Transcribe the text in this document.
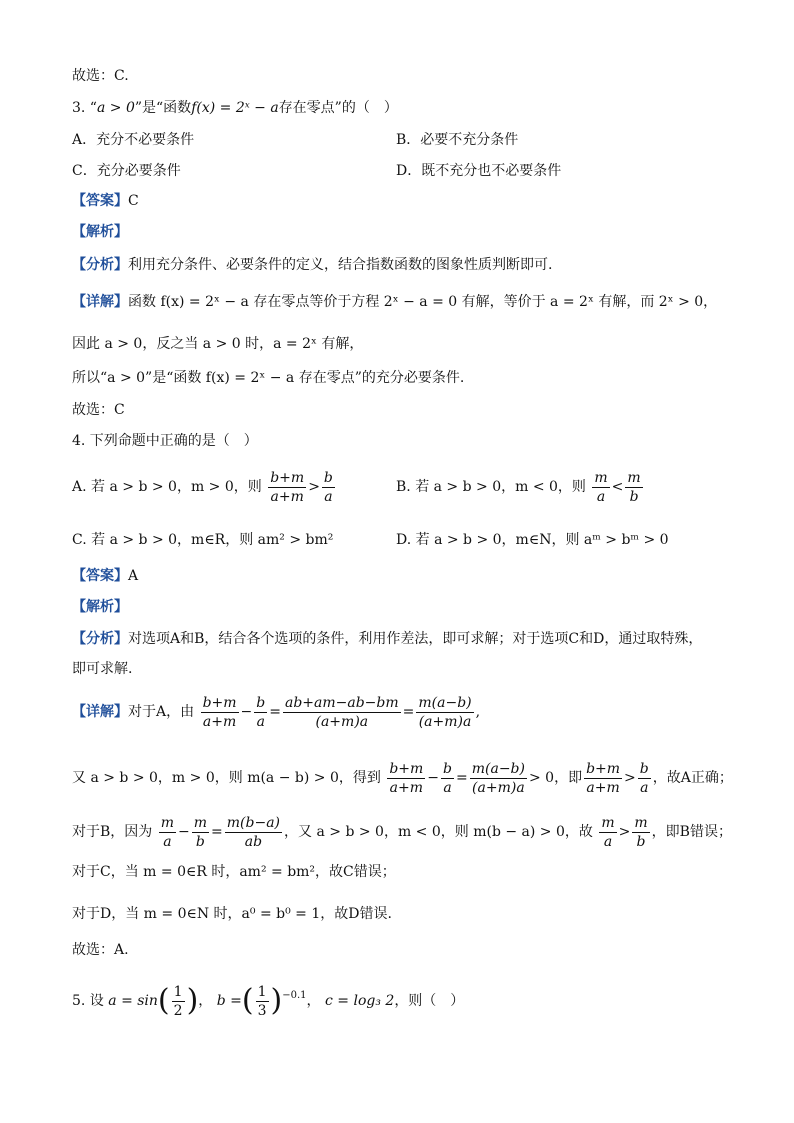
故选：C.
3. “a > 0”是“函数f(x) = 2ˣ − a存在零点”的（　）
A．充分不必要条件	B．必要不充分条件
C．充分必要条件	D．既不充分也不必要条件
【答案】C
【解析】
【分析】利用充分条件、必要条件的定义，结合指数函数的图象性质判断即可.
【详解】函数 f(x) = 2ˣ − a 存在零点等价于方程 2ˣ − a = 0 有解，等价于 a = 2ˣ 有解，而 2ˣ > 0，
因此 a > 0，反之当 a > 0 时，a = 2ˣ 有解，
所以“a > 0”是“函数 f(x) = 2ˣ − a 存在零点”的充分必要条件.
故选：C
4. 下列命题中正确的是（　）
A. 若 a > b > 0，m > 0，则 $\frac{b+m}{a+m} > \frac{b}{a}$	B. 若 a > b > 0，m < 0，则 $\frac{m}{a} < \frac{m}{b}$
C. 若 a > b > 0，m∈R，则 am² > bm²	D. 若 a > b > 0，m∈N，则 aᵐ > bᵐ > 0
【答案】A
【解析】
【分析】对选项A和B，结合各个选项的条件，利用作差法，即可求解；对于选项C和D，通过取特殊，
即可求解.
【详解】对于A，由 $\frac{b+m}{a+m} - \frac{b}{a} = \frac{ab+am-ab-bm}{(a+m)a} = \frac{m(a-b)}{(a+m)a}$ ,
又 a > b > 0，m > 0，则 m(a − b) > 0，得到 $\frac{b+m}{a+m} - \frac{b}{a} = \frac{m(a-b)}{(a+m)a} > 0$，即 $\frac{b+m}{a+m} > \frac{b}{a}$ ，故A正确；
对于B，因为 $\frac{m}{a} - \frac{m}{b} = \frac{m(b-a)}{ab}$ ，又 a > b > 0，m < 0，则 m(b − a) > 0，故 $\frac{m}{a} > \frac{m}{b}$ ，即B错误；
对于C，当 m = 0∈R 时，am² = bm²，故C错误；
对于D，当 m = 0∈N 时，a⁰ = b⁰ = 1，故D错误.
故选：A.
5. 设 $a = \sin( \frac{1}{2}$ )， b =( $\frac{1}{3} )^{-0.1}$， c = log₃ 2，则（　）
